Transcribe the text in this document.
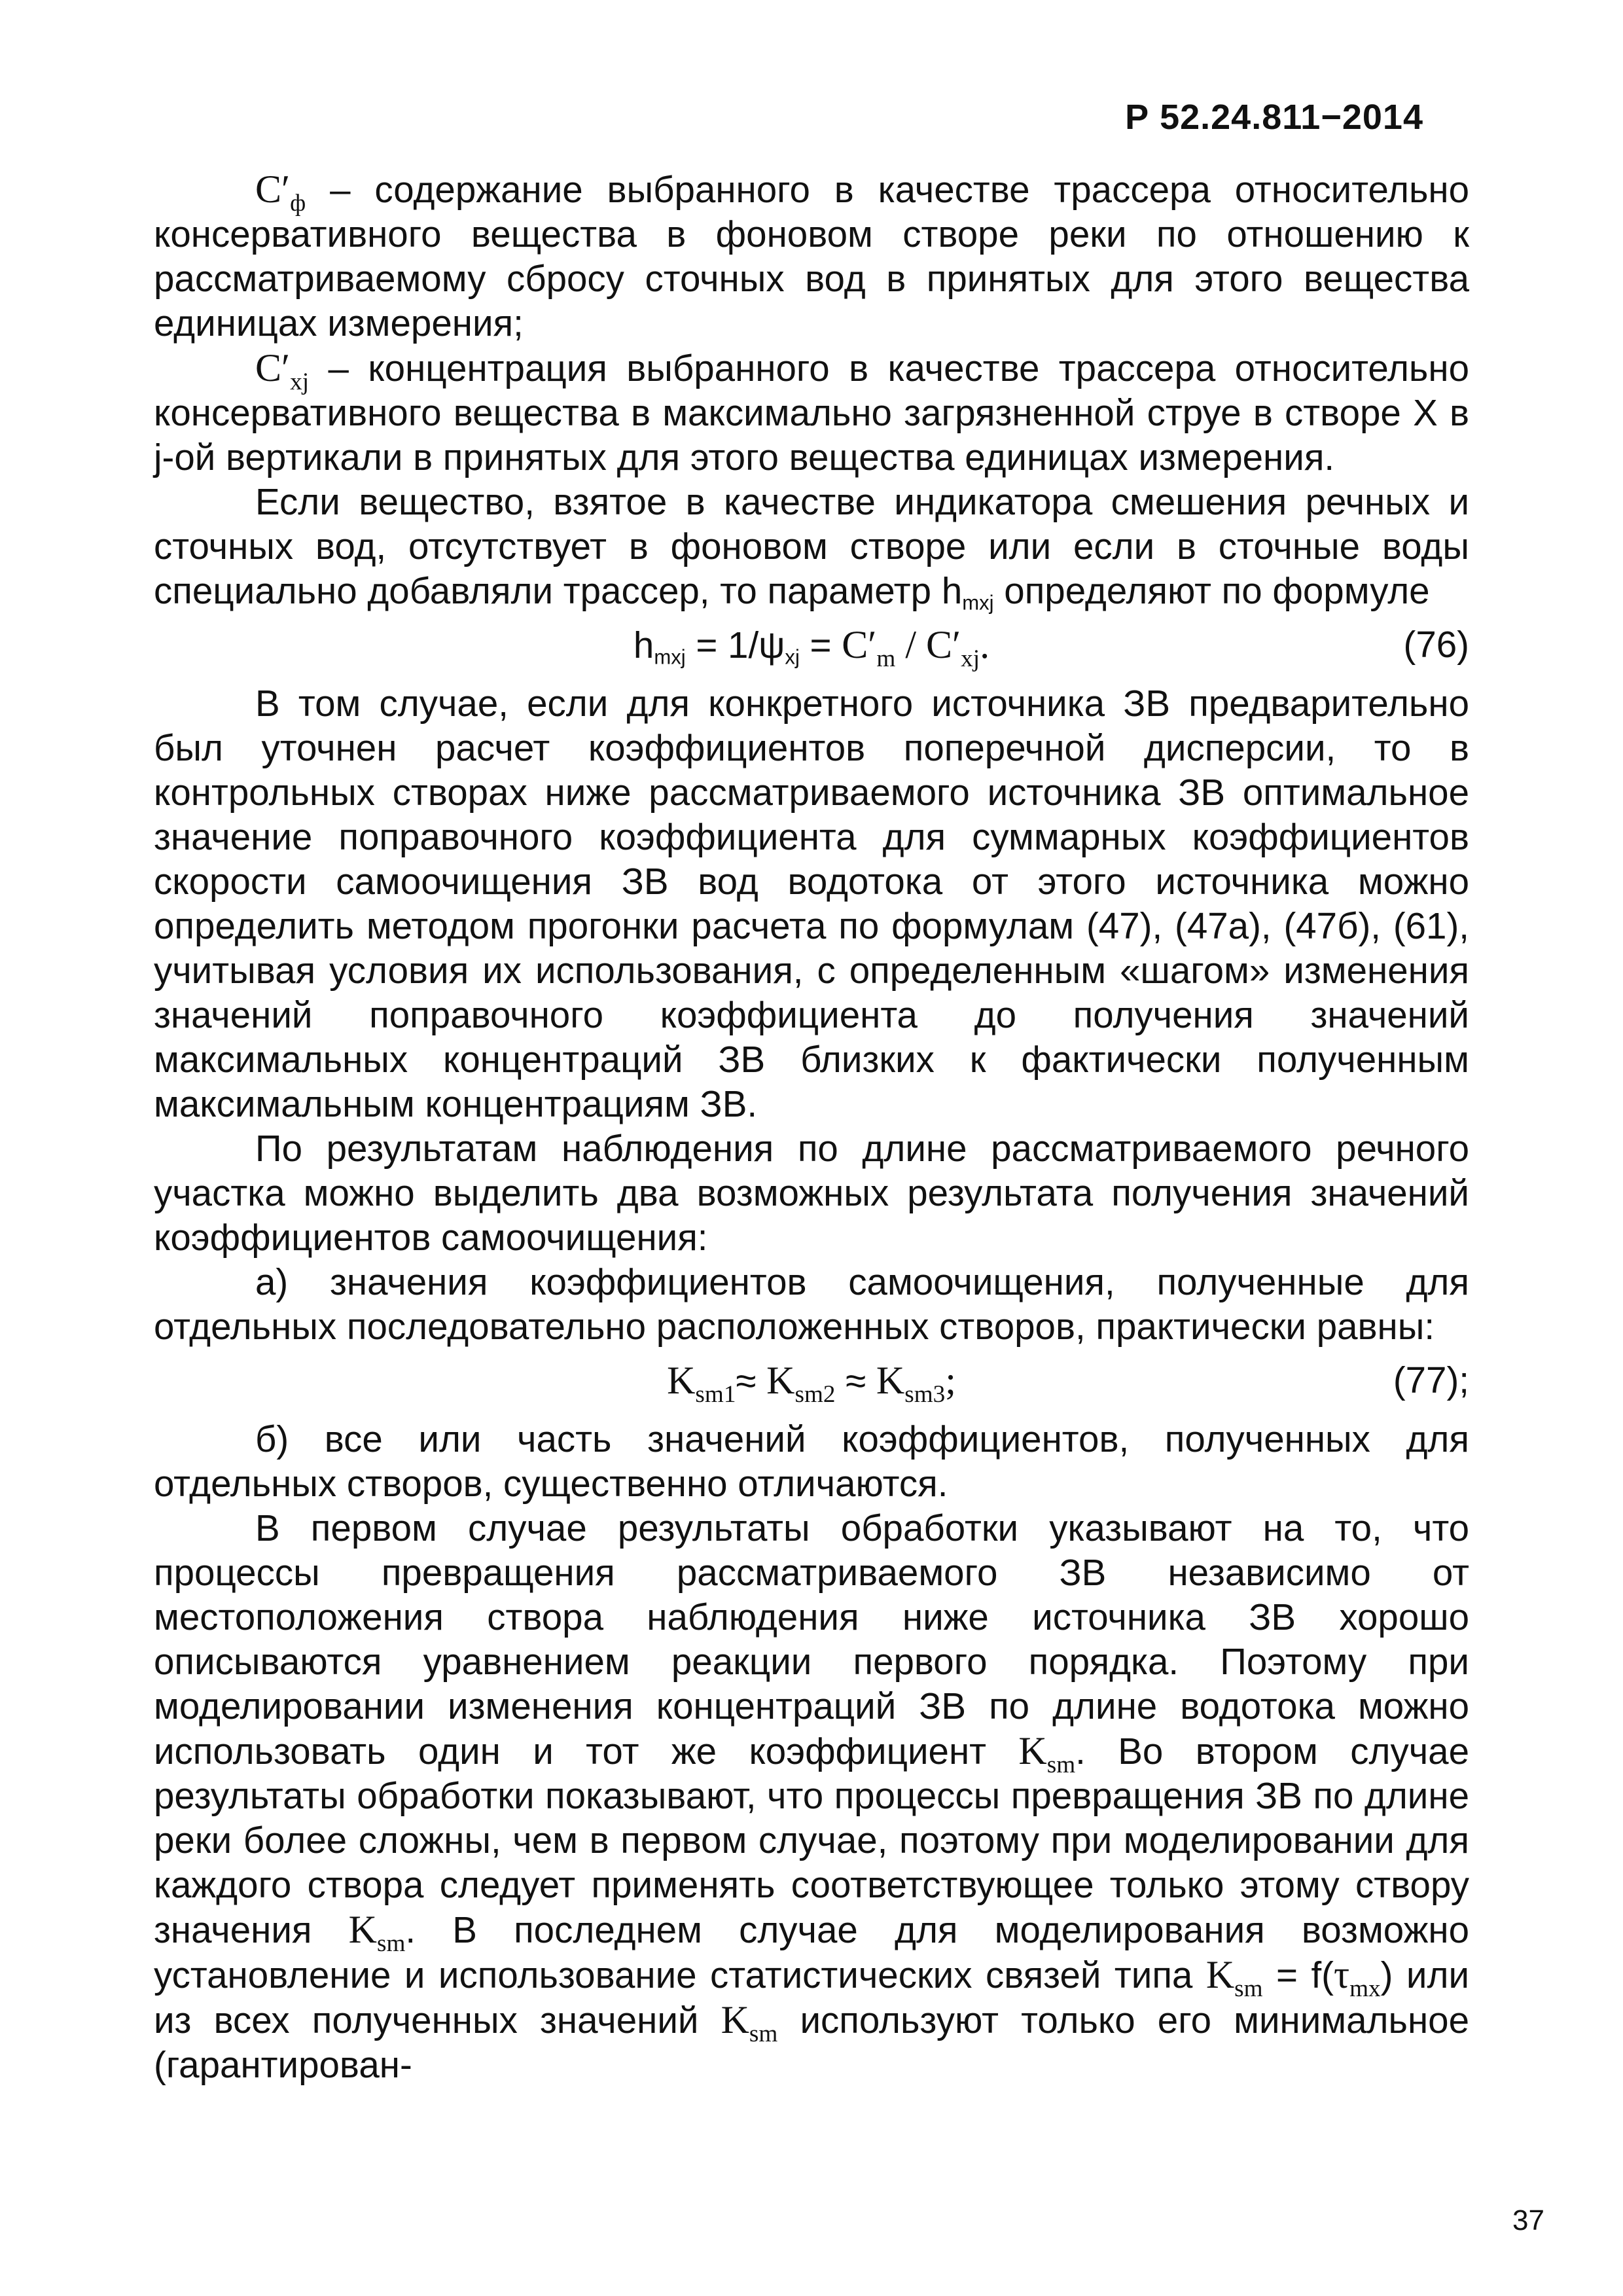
Р 52.24.811−2014

$C'_ф$ – содержание выбранного в качестве трассера относительно консервативного вещества в фоновом створе реки по отношению к рассматриваемому сбросу сточных вод в принятых для этого вещества единицах измерения;

$C'_{xj}$ – концентрация выбранного в качестве трассера относительно консервативного вещества в максимально загрязненной струе в створе X в j-ой вертикали в принятых для этого вещества единицах измерения.

Если вещество, взятое в качестве индикатора смешения речных и сточных вод, отсутствует в фоновом створе или если в сточные воды специально добавляли трассер, то параметр $h_{mxj}$ определяют по формуле

$h_{mxj} = 1/\psi_{xj} = C'_m / C'_{xj}$.	(76)

В том случае, если для конкретного источника ЗВ предварительно был уточнен расчет коэффициентов поперечной дисперсии, то в контрольных створах ниже рассматриваемого источника ЗВ оптимальное значение поправочного коэффициента для суммарных коэффициентов скорости самоочищения ЗВ вод водотока от этого источника можно определить методом прогонки расчета по формулам (47), (47а), (47б), (61), учитывая условия их использования, с определенным «шагом» изменения значений поправочного коэффициента до получения значений максимальных концентраций ЗВ близких к фактически полученным максимальным концентрациям ЗВ.

По результатам наблюдения по длине рассматриваемого речного участка можно выделить два возможных результата получения значений коэффициентов самоочищения:

а) значения коэффициентов самоочищения, полученные для отдельных последовательно расположенных створов, практически равны:

$K_{sm1}\approx K_{sm2} \approx K_{sm3}$;	(77);

б) все или часть значений коэффициентов, полученных для отдельных створов, существенно отличаются.

В первом случае результаты обработки указывают на то, что процессы превращения рассматриваемого ЗВ независимо от местоположения створа наблюдения ниже источника ЗВ хорошо описываются уравнением реакции первого порядка. Поэтому при моделировании изменения концентраций ЗВ по длине водотока можно использовать один и тот же коэффициент $K_{sm}$. Во втором случае результаты обработки показывают, что процессы превращения ЗВ по длине реки более сложны, чем в первом случае, поэтому при моделировании для каждого створа следует применять соответствующее только этому створу значения $K_{sm}$. В последнем случае для моделирования возможно установление и использование статистических связей типа $K_{sm} = f(\tau_{mx})$ или из всех полученных значений $K_{sm}$ используют только его минимальное (гарантирован-

37
